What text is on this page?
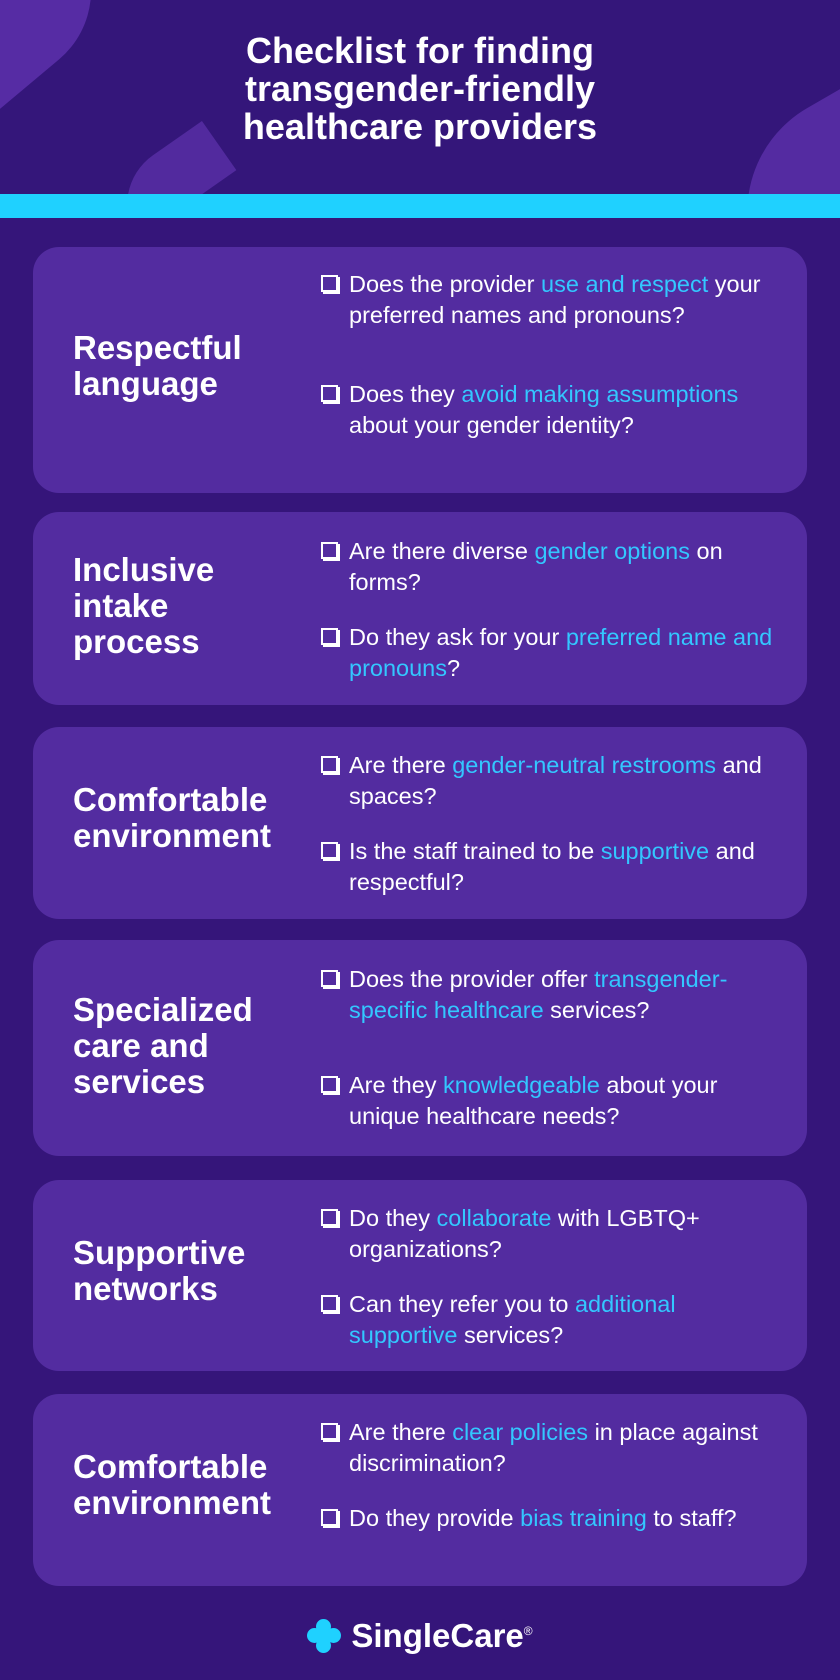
Checklist for finding
transgender-friendly
healthcare providers
Respectful
language
Does the provider use and respect your preferred names and pronouns?
Does they avoid making assumptions about your gender identity?
Inclusive
intake
process
Are there diverse gender options on forms?
Do they ask for your preferred name and pronouns?
Comfortable
environment
Are there gender-neutral restrooms and spaces?
Is the staff trained to be supportive and respectful?
Specialized
care and
services
Does the provider offer transgender-specific healthcare services?
Are they knowledgeable about your unique healthcare needs?
Supportive
networks
Do they collaborate with LGBTQ+ organizations?
Can they refer you to additional supportive services?
Comfortable
environment
Are there clear policies in place against discrimination?
Do they provide bias training to staff?
SingleCare®
